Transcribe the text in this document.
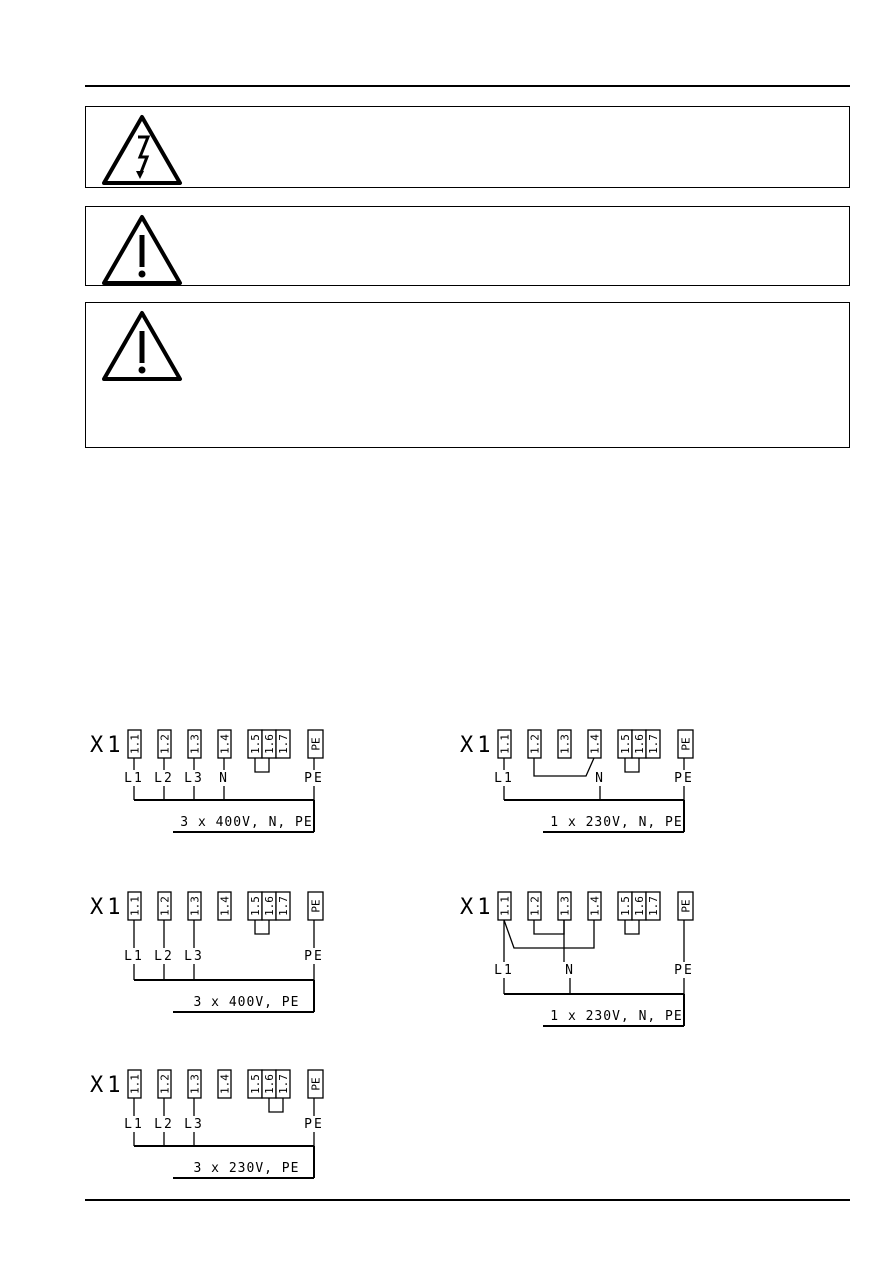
X1 1.1 1.2 1.3 1.4 1.5 1.6 1.7 PE
L1 L2 L3 N	PE
3 x 400V, N, PE
X1 1.1 1.2 1.3 1.4 1.5 1.6 1.7 PE
L1	N	PE
1 x 230V, N, PE
X1 1.1 1.2 1.3 1.4 1.5 1.6 1.7 PE
L1 L2 L3	PE
3 x 400V, PE
X1 1.1 1.2 1.3 1.4 1.5 1.6 1.7 PE
L1	N	PE
1 x 230V, N, PE
X1 1.1 1.2 1.3 1.4 1.5 1.6 1.7 PE
L1 L2 L3	PE
3 x 230V, PE
